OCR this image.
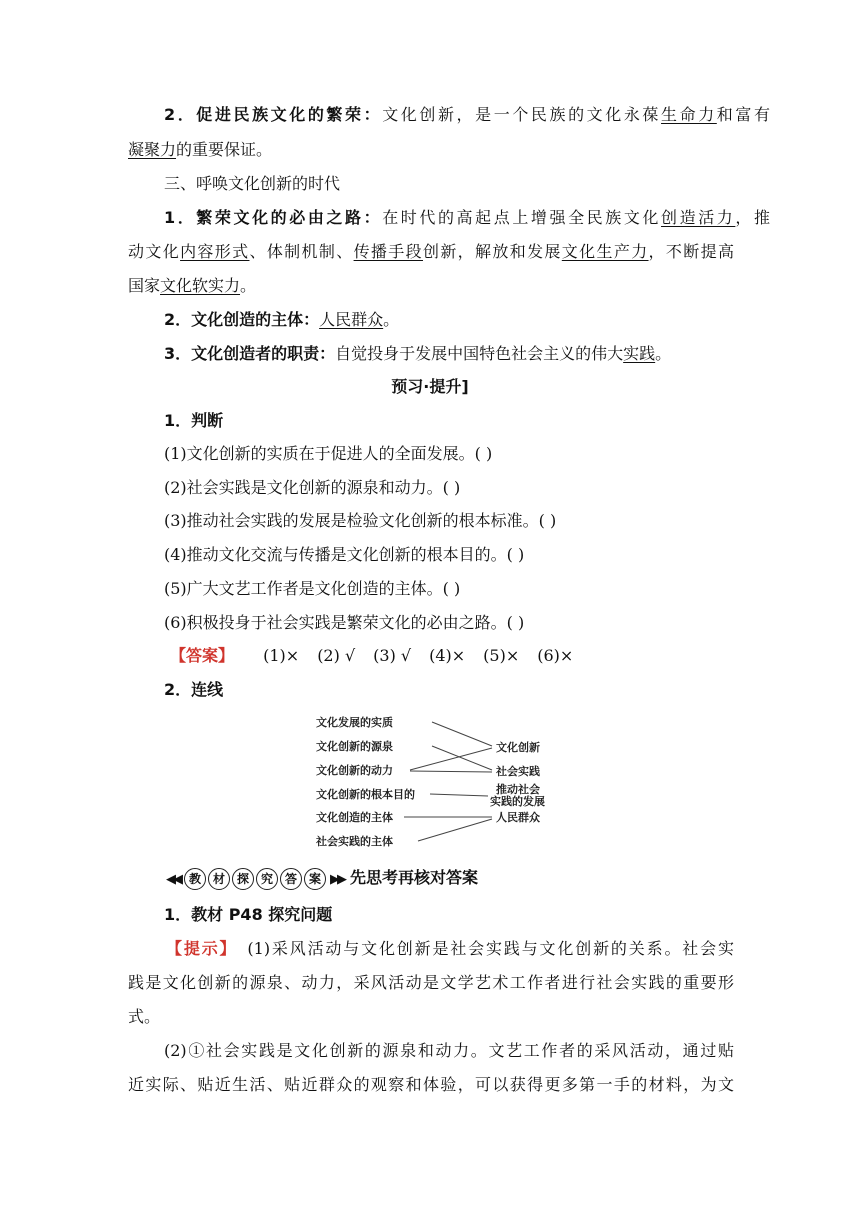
2．促进民族文化的繁荣：文化创新，是一个民族的文化永葆生命力和富有
凝聚力的重要保证。
三、呼唤文化创新的时代
1．繁荣文化的必由之路：在时代的高起点上增强全民族文化创造活力，推
动文化内容形式、体制机制、传播手段创新，解放和发展文化生产力，不断提高
国家文化软实力。
2．文化创造的主体：人民群众。
3．文化创造者的职责：自觉投身于发展中国特色社会主义的伟大实践。
预习·提升]
1．判断
(1)文化创新的实质在于促进人的全面发展。( )
(2)社会实践是文化创新的源泉和动力。( )
(3)推动社会实践的发展是检验文化创新的根本标准。( )
(4)推动文化交流与传播是文化创新的根本目的。( )
(5)广大文艺工作者是文化创造的主体。( )
(6)积极投身于社会实践是繁荣文化的必由之路。( )
【答案】 (1)× (2) √ (3) √ (4)× (5)× (6)×
2．连线
文化发展的实质
文化创新的源泉
文化创新的动力
文化创新的根本目的
文化创造的主体
社会实践的主体
文化创新
社会实践
推动社会
实践的发展
人民群众
◀◀ 教 材 探 究 答 案 ▶▶ 先思考再核对答案
1．教材 P48 探究问题
【提示】 (1)采风活动与文化创新是社会实践与文化创新的关系。社会实
践是文化创新的源泉、动力，采风活动是文学艺术工作者进行社会实践的重要形
式。
(2)①社会实践是文化创新的源泉和动力。文艺工作者的采风活动，通过贴
近实际、贴近生活、贴近群众的观察和体验，可以获得更多第一手的材料，为文
